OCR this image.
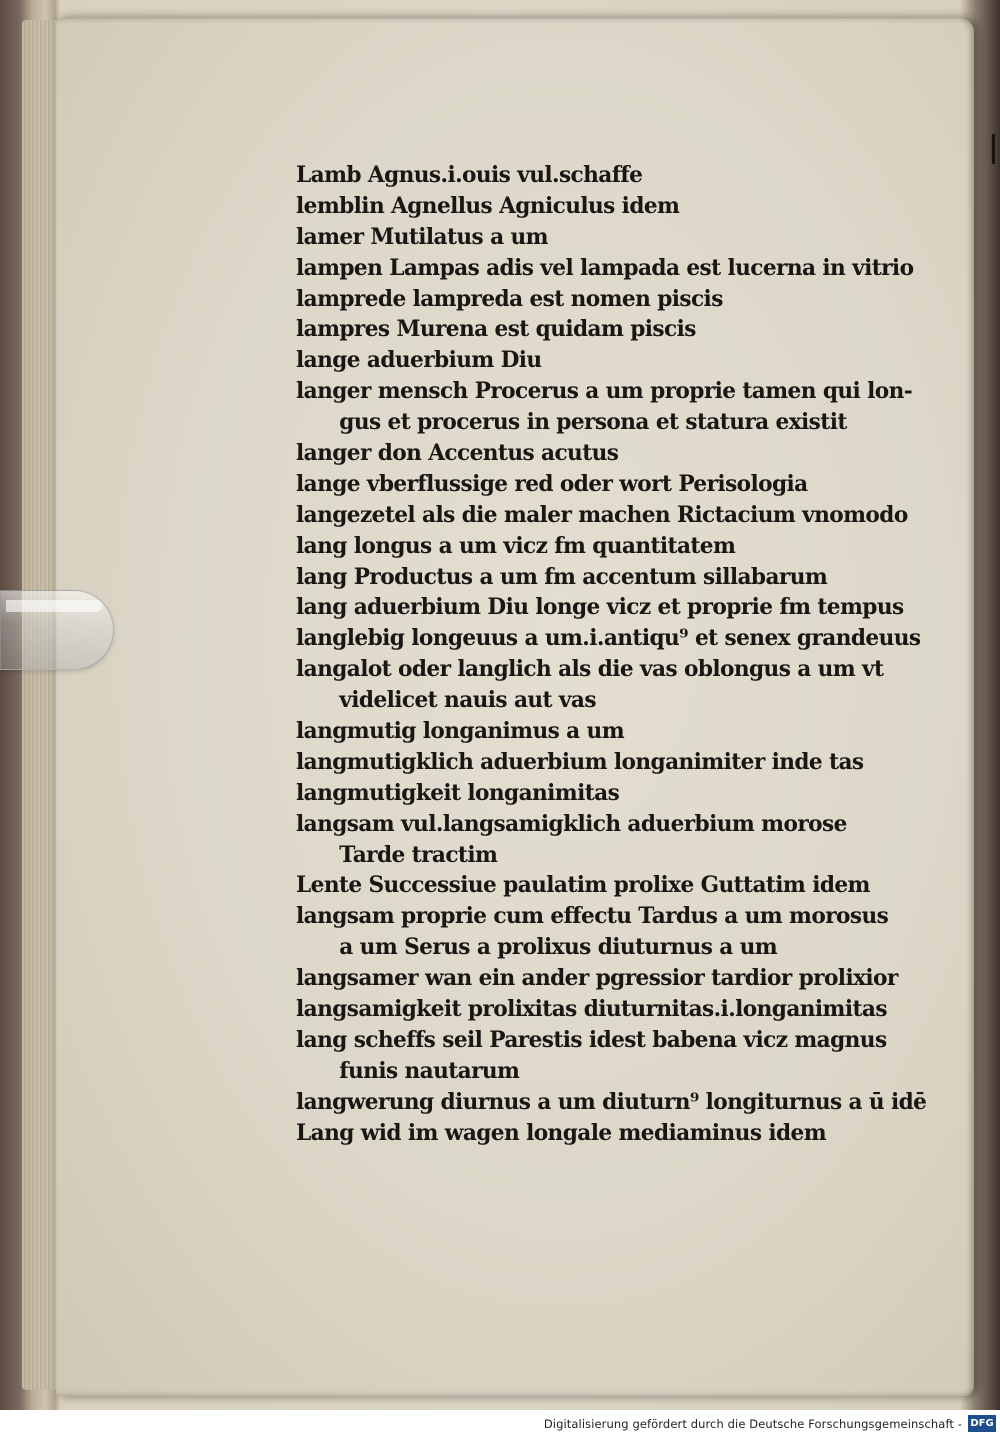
|
Lamb Agnus.i.ouis vul.schaffe
lemblin Agnellus Agniculus idem
lamer Mutilatus a um
lampen Lampas adis vel lampada est lucerna in vitrio
lamprede lampreda est nomen piscis
lampres Murena est quidam piscis
lange aduerbium Diu
langer mensch Procerus a um proprie tamen qui lon-
gus et procerus in persona et statura existit
langer don Accentus acutus
lange vberflussige red oder wort Perisologia
langezetel als die maler machen Rictacium vnomodo
lang longus a um vicz fm quantitatem
lang Productus a um fm accentum sillabarum
lang aduerbium Diu longe vicz et proprie fm tempus
langlebig longeuus a um.i.antiqu⁹ et senex grandeuus
langalot oder langlich als die vas oblongus a um vt
videlicet nauis aut vas
langmutig longanimus a um
langmutigklich aduerbium longanimiter inde tas
langmutigkeit longanimitas
langsam vul.langsamigklich aduerbium morose
Tarde tractim
Lente Successiue paulatim prolixe Guttatim idem
langsam proprie cum effectu Tardus a um morosus
a um Serus a prolixus diuturnus a um
langsamer wan ein ander pgressior tardior prolixior
langsamigkeit prolixitas diuturnitas.i.longanimitas
lang scheffs seil Parestis idest babena vicz magnus
funis nautarum
langwerung diurnus a um diuturn⁹ longiturnus a ū idē
Lang wid im wagen longale mediaminus idem
Digitalisierung gefördert durch die Deutsche Forschungsgemeinschaft - DFG
